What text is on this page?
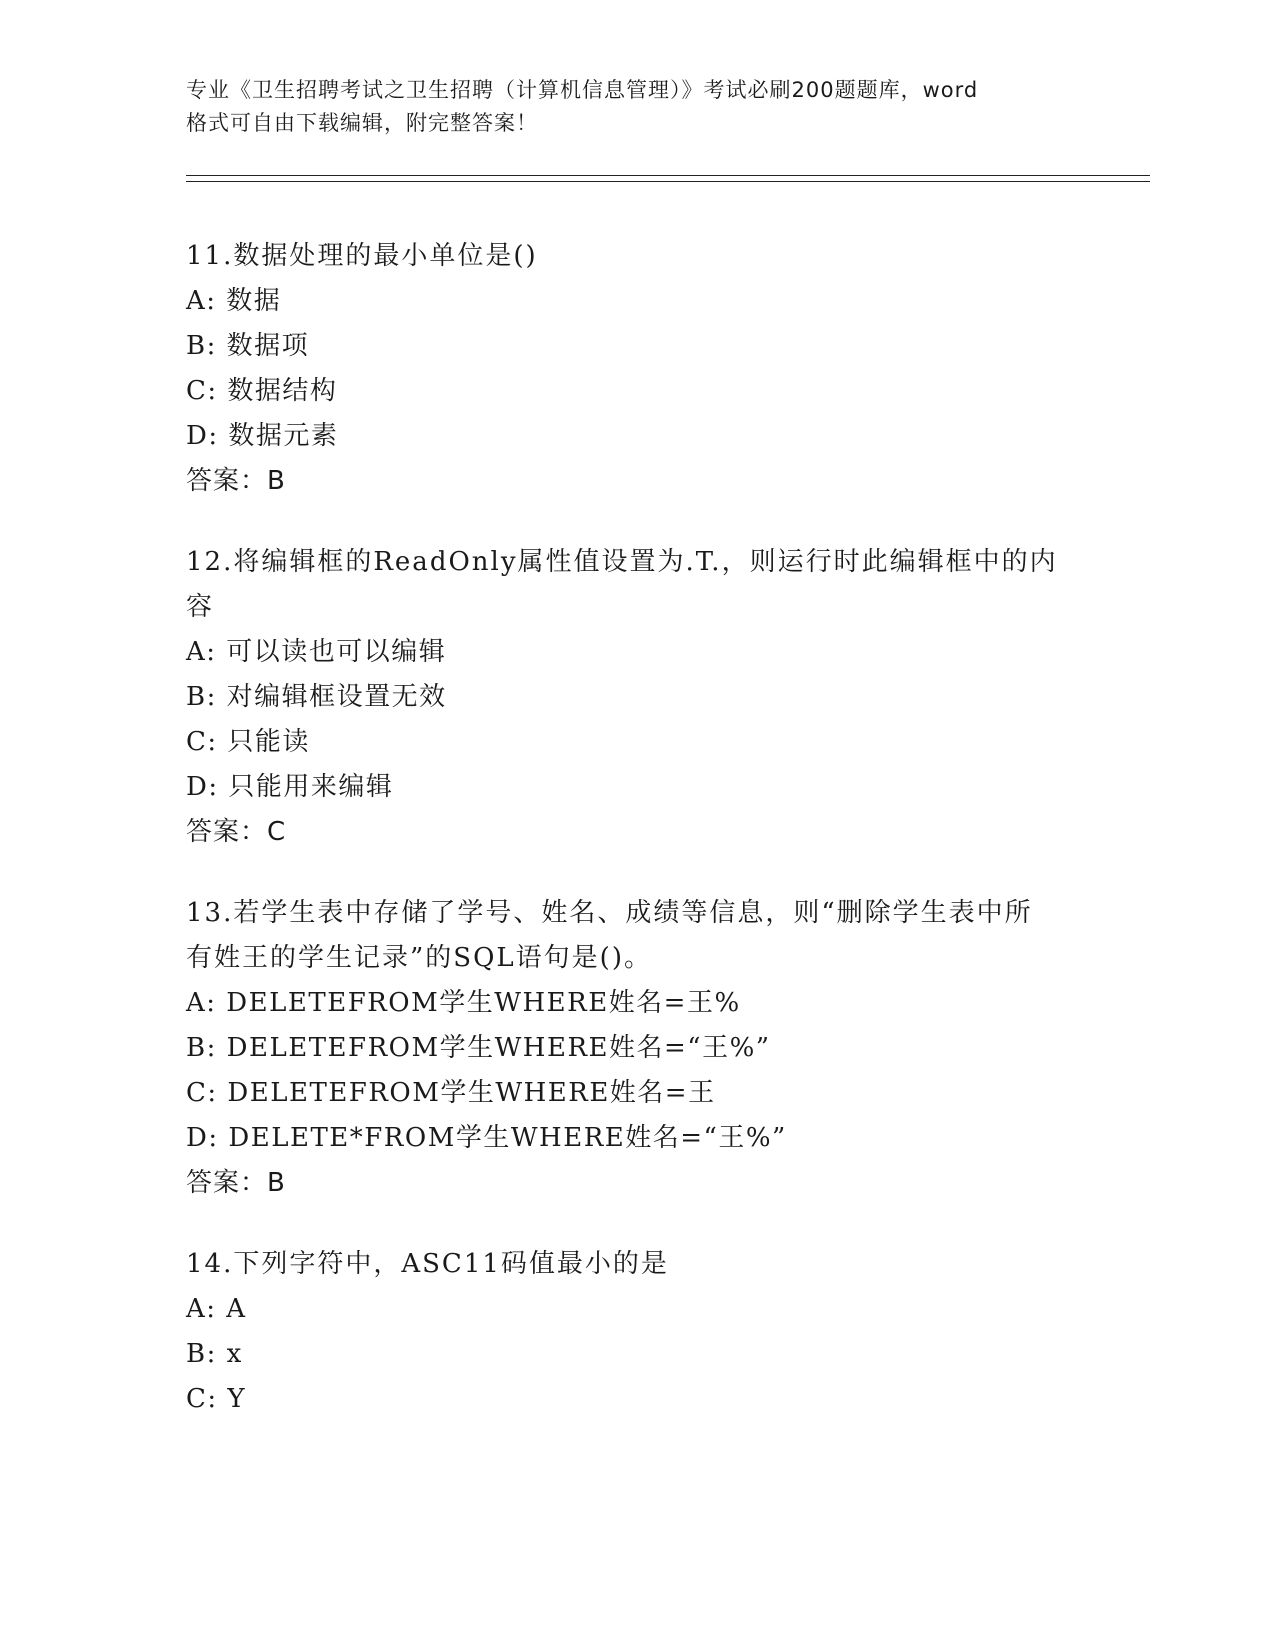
专业《卫生招聘考试之卫生招聘（计算机信息管理）》考试必刷200题题库，word
格式可自由下载编辑，附完整答案！
11.数据处理的最小单位是()
A: 数据
B: 数据项
C: 数据结构
D: 数据元素
答案：B
12.将编辑框的ReadOnly属性值设置为.T.，则运行时此编辑框中的内
容
A: 可以读也可以编辑
B: 对编辑框设置无效
C: 只能读
D: 只能用来编辑
答案：C
13.若学生表中存储了学号、姓名、成绩等信息，则“删除学生表中所
有姓王的学生记录”的SQL语句是()。
A: DELETEFROM学生WHERE姓名=王%
B: DELETEFROM学生WHERE姓名=“王%”
C: DELETEFROM学生WHERE姓名=王
D: DELETE*FROM学生WHERE姓名=“王%”
答案：B
14.下列字符中，ASC11码值最小的是
A: A
B: x
C: Y
